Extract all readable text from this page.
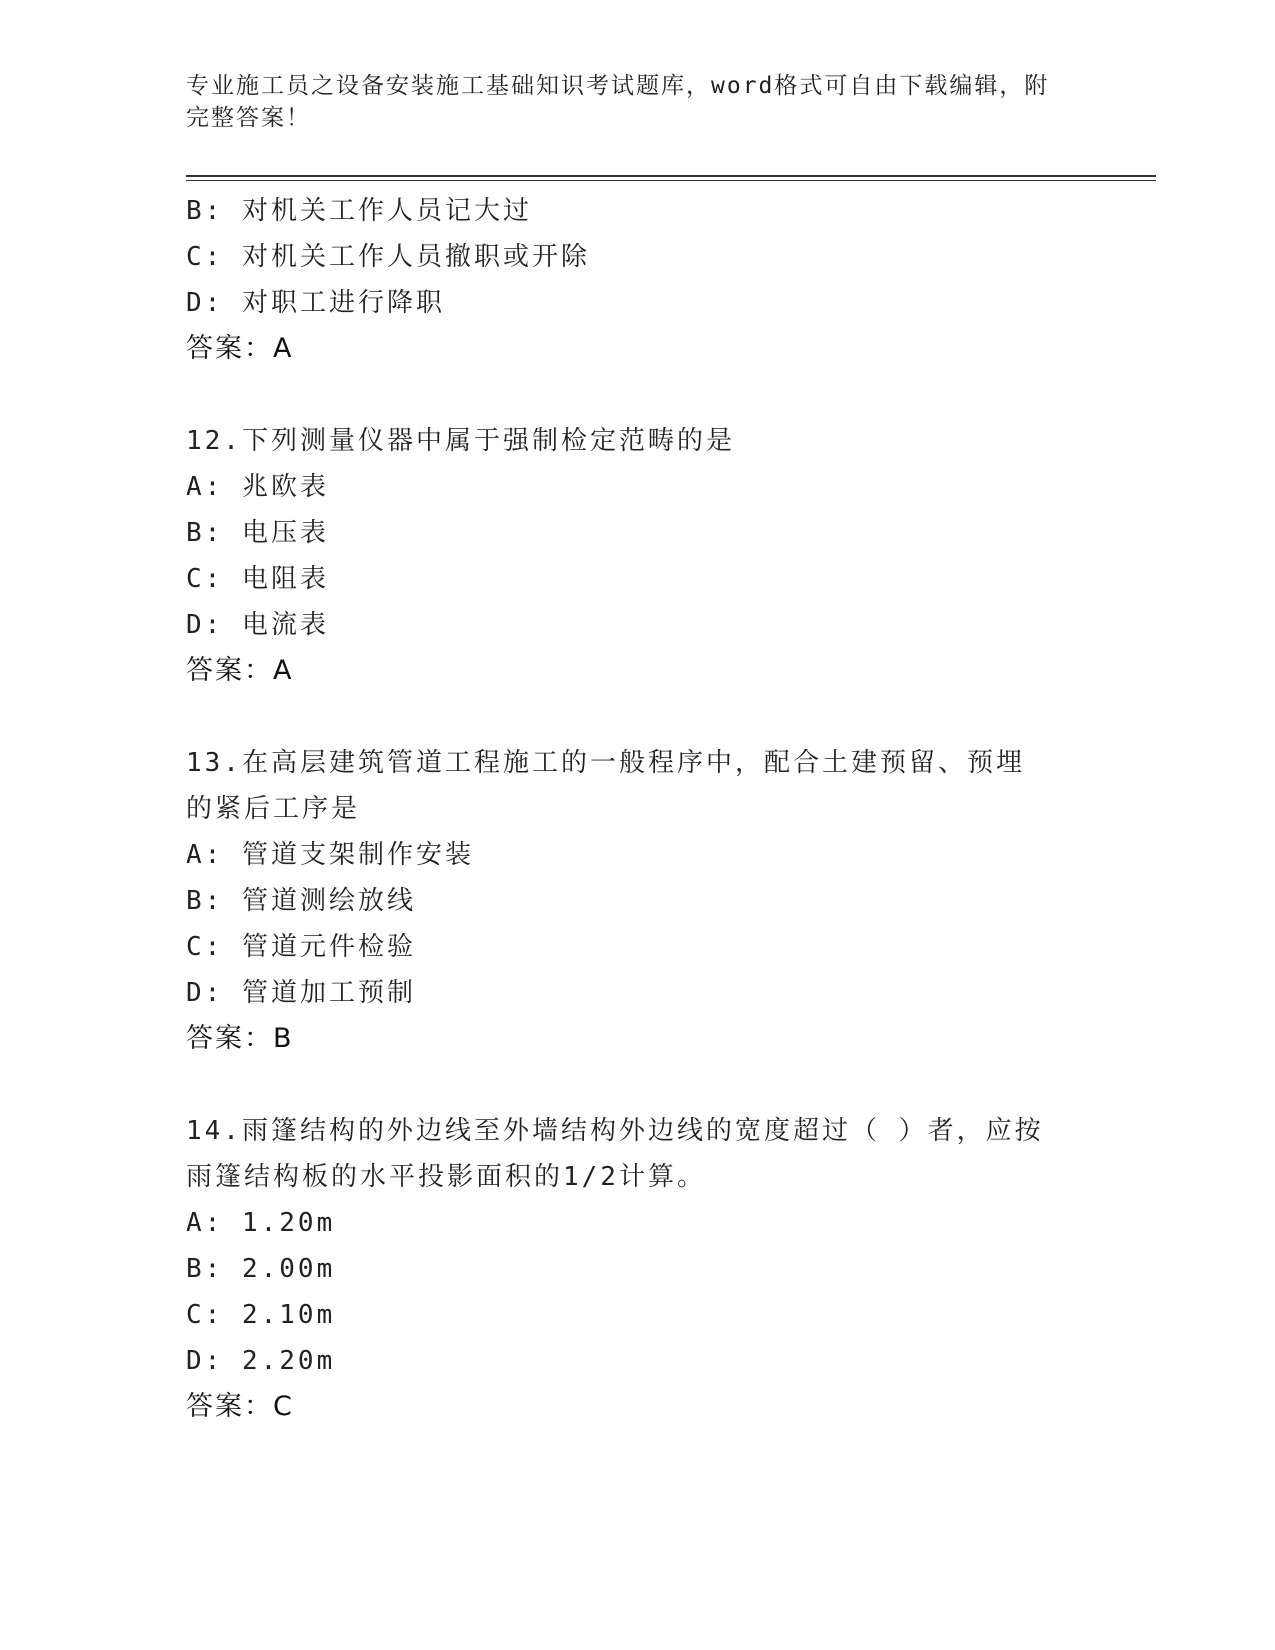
专业施工员之设备安装施工基础知识考试题库，word格式可自由下载编辑，附完整答案！
B: 对机关工作人员记大过
C: 对机关工作人员撤职或开除
D: 对职工进行降职
答案：A
12.下列测量仪器中属于强制检定范畴的是
A: 兆欧表
B: 电压表
C: 电阻表
D: 电流表
答案：A
13.在高层建筑管道工程施工的一般程序中，配合土建预留、预埋的紧后工序是
A: 管道支架制作安装
B: 管道测绘放线
C: 管道元件检验
D: 管道加工预制
答案：B
14.雨篷结构的外边线至外墙结构外边线的宽度超过（ ）者，应按雨篷结构板的水平投影面积的1/2计算。
A: 1.20m
B: 2.00m
C: 2.10m
D: 2.20m
答案：C
